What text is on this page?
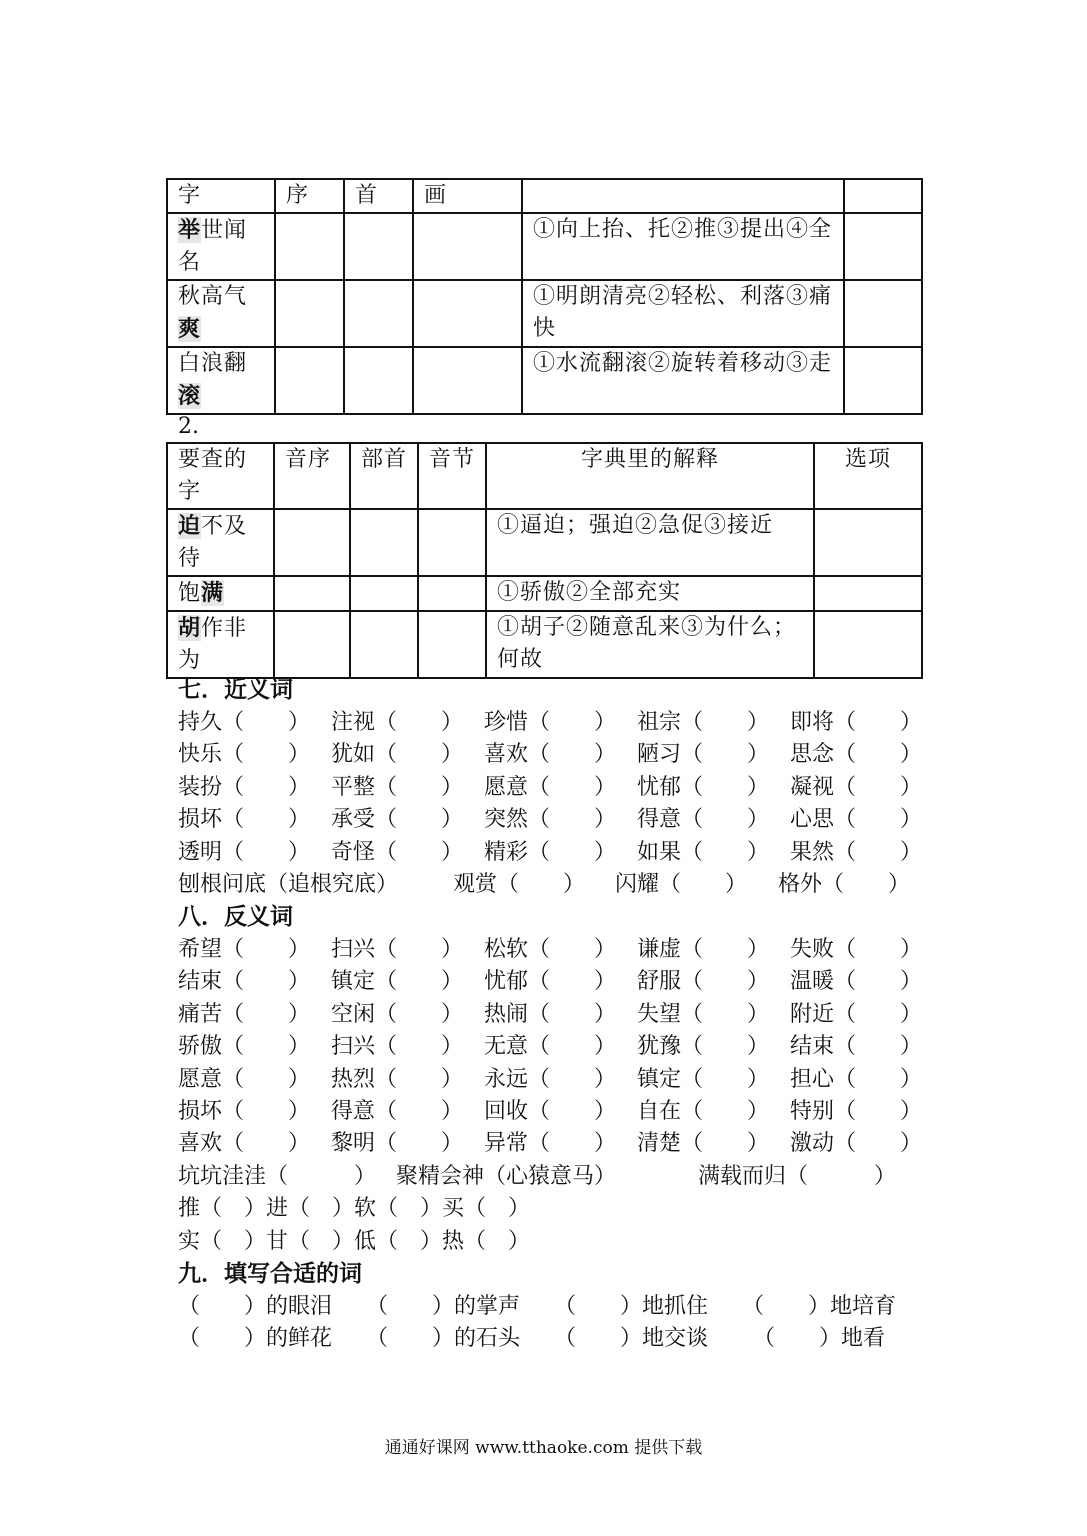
字	序	首	画		
举世闻名				①向上抬、托②推③提出④全	
秋高气爽				①明朗清亮②轻松、利落③痛快	
白浪翻滚				①水流翻滚②旋转着移动③走	
2.
要查的字	音序	部首	音节	字典里的解释	选项
迫不及待				①逼迫；强迫②急促③接近	
饱满				①骄傲②全部充实	
胡作非为				①胡子②随意乱来③为什么；何故	
七．近义词
持久（　　） 注视（　　） 珍惜（　　） 祖宗（　　） 即将（　　）
快乐（　　） 犹如（　　） 喜欢（　　） 陋习（　　） 思念（　　）
装扮（　　） 平整（　　） 愿意（　　） 忧郁（　　） 凝视（　　）
损坏（　　） 承受（　　） 突然（　　） 得意（　　） 心思（　　）
透明（　　） 奇怪（　　） 精彩（　　） 如果（　　） 果然（　　）
刨根问底（追根究底） 观赏（　　） 闪耀（　　） 格外（　　）
八．反义词
希望（　　） 扫兴（　　） 松软（　　） 谦虚（　　） 失败（　　）
结束（　　） 镇定（　　） 忧郁（　　） 舒服（　　） 温暖（　　）
痛苦（　　） 空闲（　　） 热闹（　　） 失望（　　） 附近（　　）
骄傲（　　） 扫兴（　　） 无意（　　） 犹豫（　　） 结束（　　）
愿意（　　） 热烈（　　） 永远（　　） 镇定（　　） 担心（　　）
损坏（　　） 得意（　　） 回收（　　） 自在（　　） 特别（　　）
喜欢（　　） 黎明（　　） 异常（　　） 清楚（　　） 激动（　　）
坑坑洼洼（　　　） 聚精会神（心猿意马）	满载而归（　　　）
推（　）进（　）软（　）买（　）
实（　）甘（　）低（　）热（　）
九．填写合适的词
（　　）的眼泪 （　　）的掌声 （　　）地抓住 （　　）地培育
（　　）的鲜花 （　　）的石头 （　　）地交谈 （　　）地看
通通好课网 www.tthaoke.com 提供下载
